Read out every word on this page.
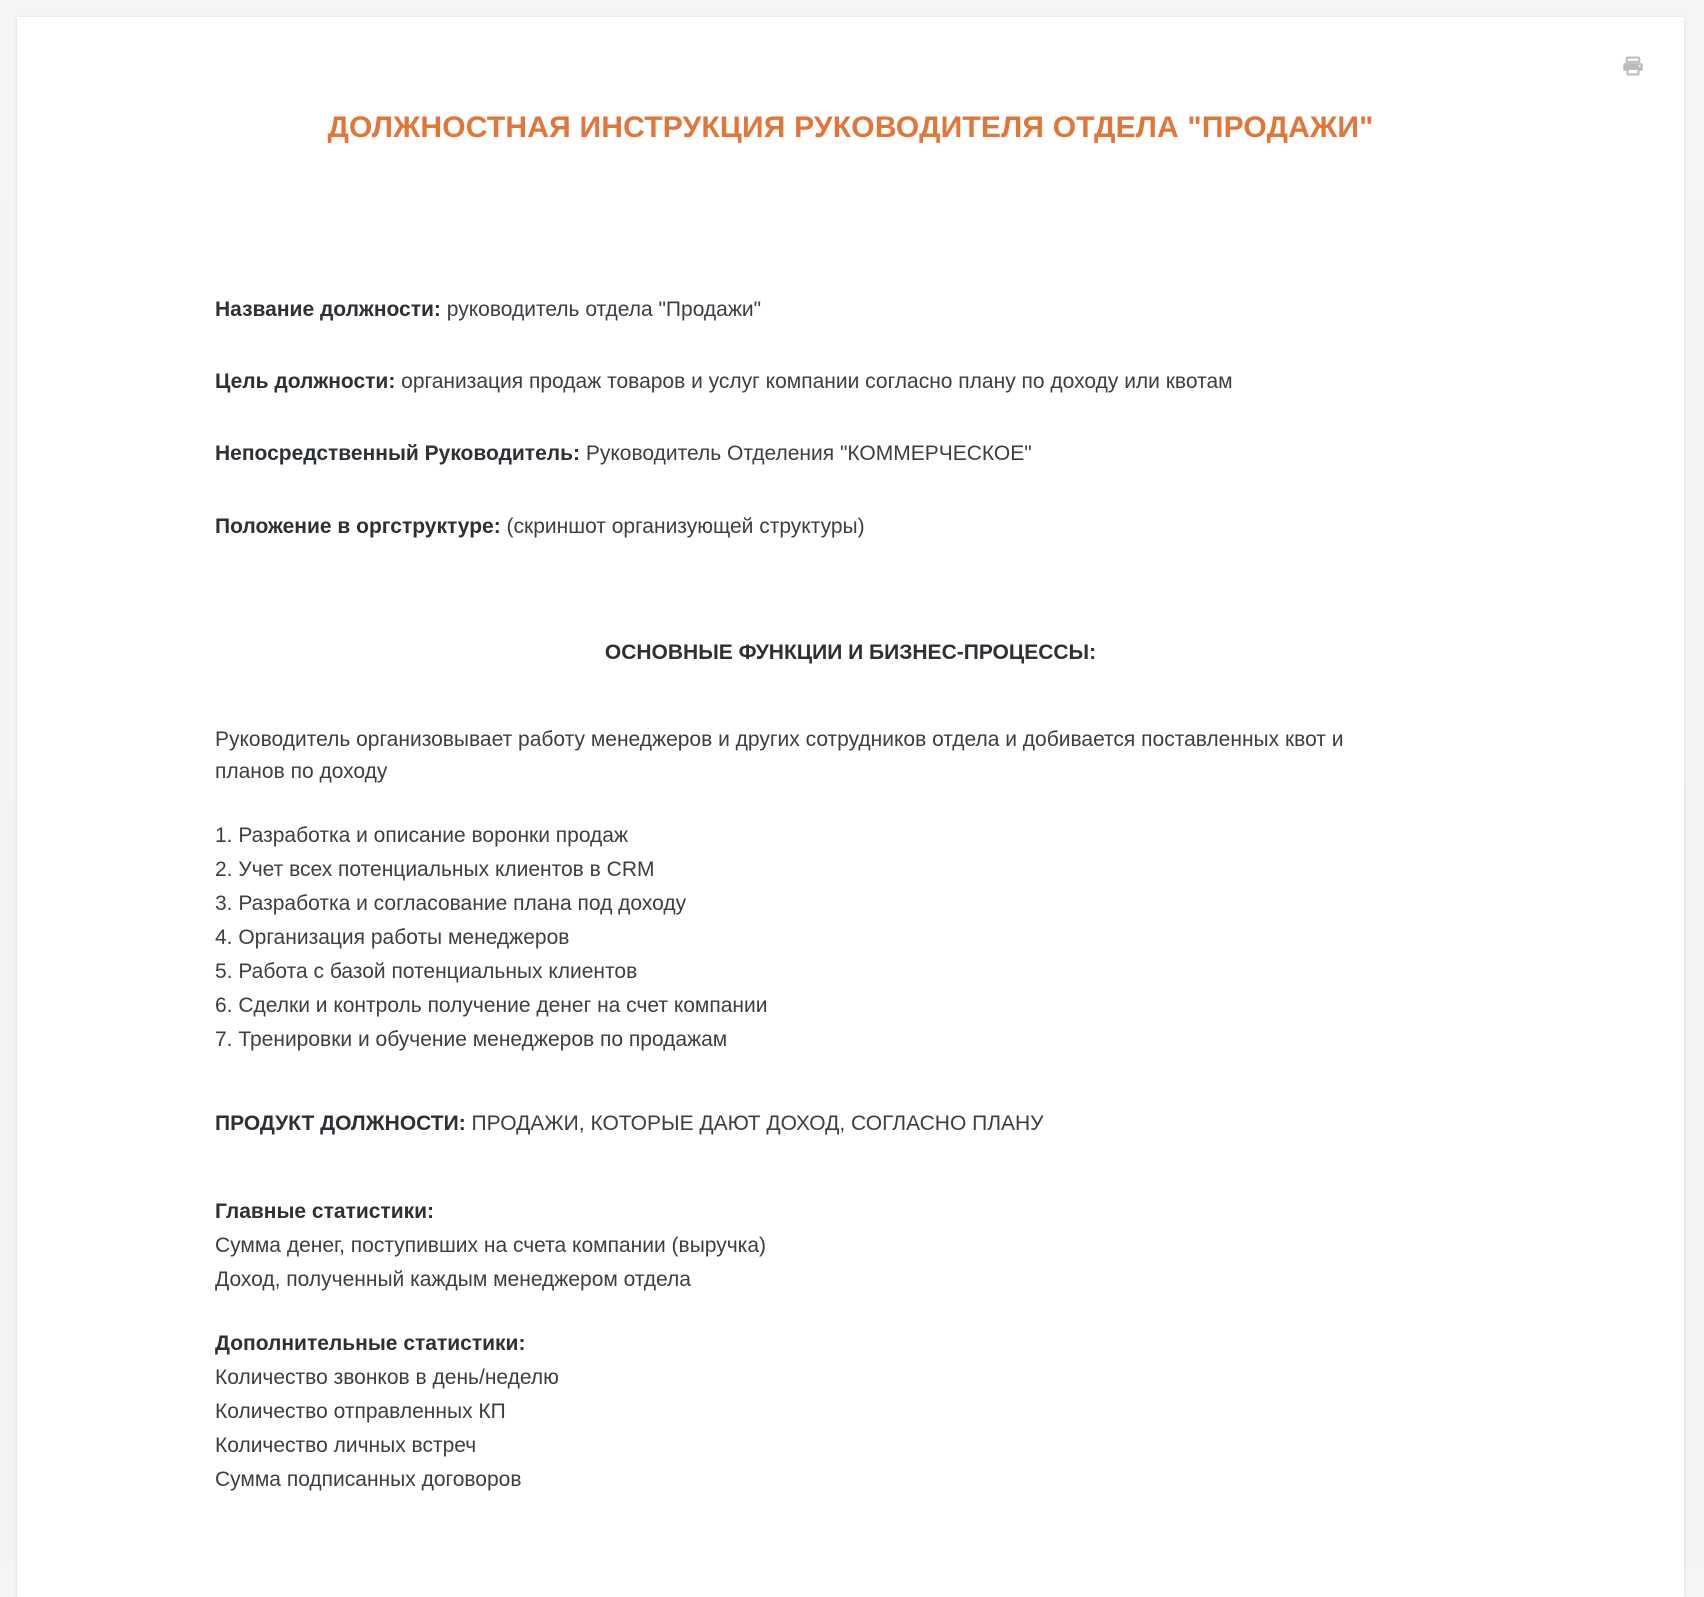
ДОЛЖНОСТНАЯ ИНСТРУКЦИЯ РУКОВОДИТЕЛЯ ОТДЕЛА "ПРОДАЖИ"

Название должности: руководитель отдела "Продажи"

Цель должности: организация продаж товаров и услуг компании согласно плану по доходу или квотам

Непосредственный Руководитель: Руководитель Отделения "КОММЕРЧЕСКОЕ"

Положение в оргструктуре: (скриншот организующей структуры)

ОСНОВНЫЕ ФУНКЦИИ И БИЗНЕС-ПРОЦЕССЫ:

Руководитель организовывает работу менеджеров и других сотрудников отдела и добивается поставленных квот и планов по доходу

1. Разработка и описание воронки продаж
2. Учет всех потенциальных клиентов в CRM
3. Разработка и согласование плана под доходу
4. Организация работы менеджеров
5. Работа с базой потенциальных клиентов
6. Сделки и контроль получение денег на счет компании
7. Тренировки и обучение менеджеров по продажам

ПРОДУКТ ДОЛЖНОСТИ: ПРОДАЖИ, КОТОРЫЕ ДАЮТ ДОХОД, СОГЛАСНО ПЛАНУ

Главные статистики:
Сумма денег, поступивших на счета компании (выручка)
Доход, полученный каждым менеджером отдела
Дополнительные статистики:
Количество звонков в день/неделю
Количество отправленных КП
Количество личных встреч
Сумма подписанных договоров
